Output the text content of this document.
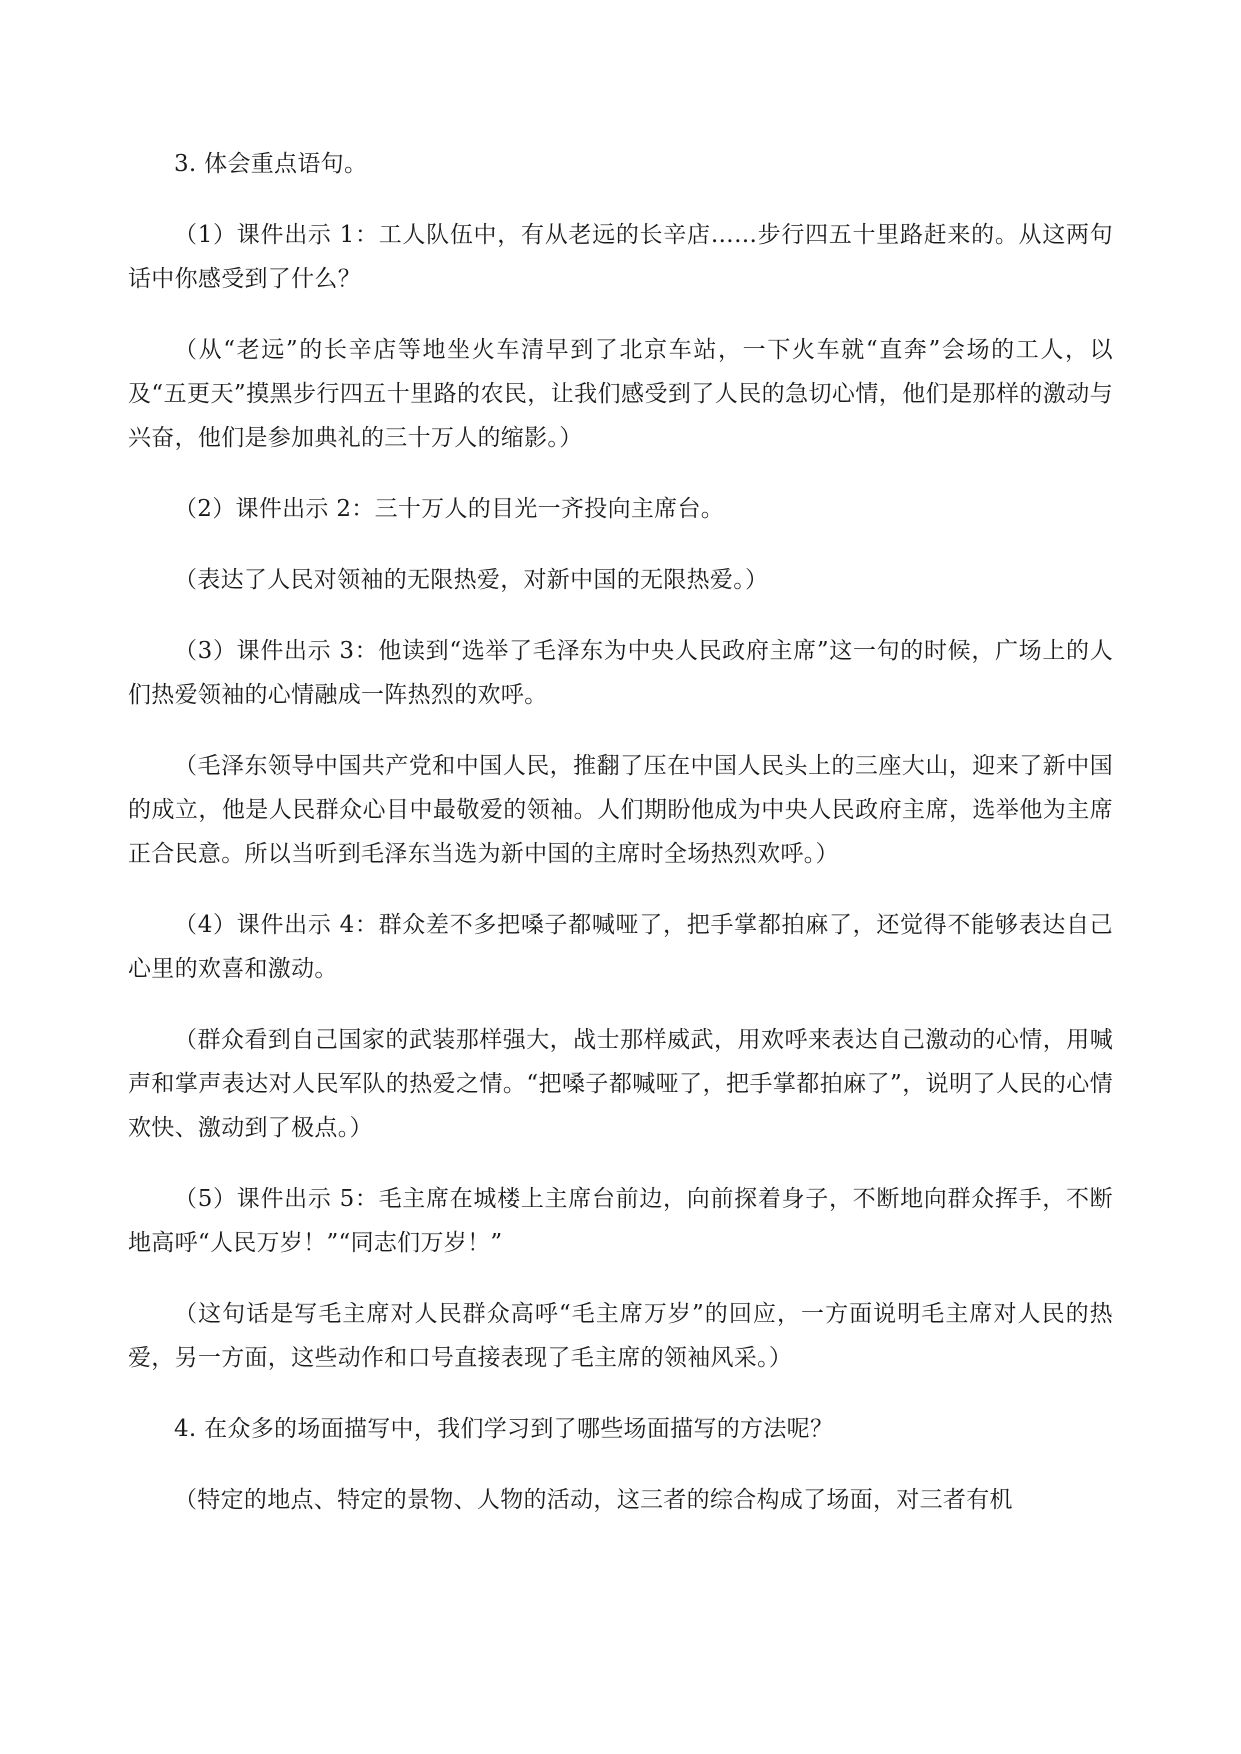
3. 体会重点语句。

（1）课件出示 1：工人队伍中，有从老远的长辛店……步行四五十里路赶来的。从这两句话中你感受到了什么？

（从“老远”的长辛店等地坐火车清早到了北京车站，一下火车就“直奔”会场的工人，以及“五更天”摸黑步行四五十里路的农民，让我们感受到了人民的急切心情，他们是那样的激动与兴奋，他们是参加典礼的三十万人的缩影。）

（2）课件出示 2：三十万人的目光一齐投向主席台。

（表达了人民对领袖的无限热爱，对新中国的无限热爱。）

（3）课件出示 3：他读到“选举了毛泽东为中央人民政府主席”这一句的时候，广场上的人们热爱领袖的心情融成一阵热烈的欢呼。

（毛泽东领导中国共产党和中国人民，推翻了压在中国人民头上的三座大山，迎来了新中国的成立，他是人民群众心目中最敬爱的领袖。人们期盼他成为中央人民政府主席，选举他为主席正合民意。所以当听到毛泽东当选为新中国的主席时全场热烈欢呼。）

（4）课件出示 4：群众差不多把嗓子都喊哑了，把手掌都拍麻了，还觉得不能够表达自己心里的欢喜和激动。

（群众看到自己国家的武装那样强大，战士那样威武，用欢呼来表达自己激动的心情，用喊声和掌声表达对人民军队的热爱之情。“把嗓子都喊哑了，把手掌都拍麻了”，说明了人民的心情欢快、激动到了极点。）

（5）课件出示 5：毛主席在城楼上主席台前边，向前探着身子，不断地向群众挥手，不断地高呼“人民万岁！”“同志们万岁！”

（这句话是写毛主席对人民群众高呼“毛主席万岁”的回应，一方面说明毛主席对人民的热爱，另一方面，这些动作和口号直接表现了毛主席的领袖风采。）

4. 在众多的场面描写中，我们学习到了哪些场面描写的方法呢？

（特定的地点、特定的景物、人物的活动，这三者的综合构成了场面，对三者有机
